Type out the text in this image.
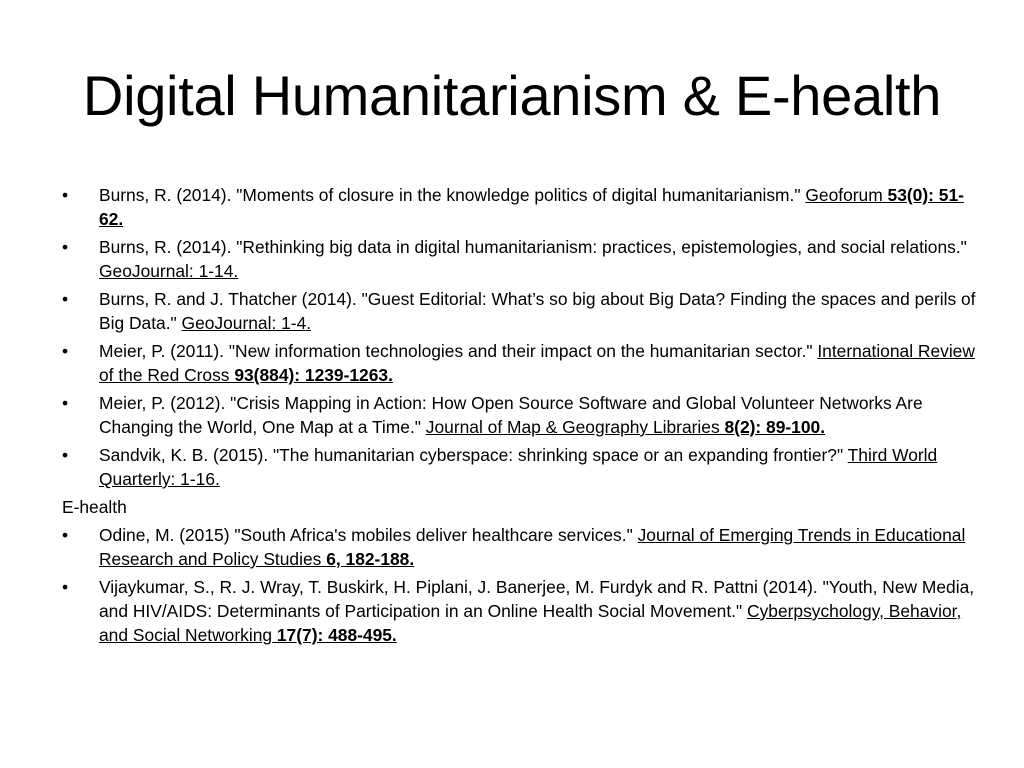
Digital Humanitarianism & E-health
• Burns, R. (2014). "Moments of closure in the knowledge politics of digital humanitarianism." Geoforum 53(0): 51-62.
• Burns, R. (2014). "Rethinking big data in digital humanitarianism: practices, epistemologies, and social relations." GeoJournal: 1-14.
• Burns, R. and J. Thatcher (2014). "Guest Editorial: What’s so big about Big Data? Finding the spaces and perils of Big Data." GeoJournal: 1-4.
• Meier, P. (2011). "New information technologies and their impact on the humanitarian sector." International Review of the Red Cross 93(884): 1239-1263.
• Meier, P. (2012). "Crisis Mapping in Action: How Open Source Software and Global Volunteer Networks Are Changing the World, One Map at a Time." Journal of Map & Geography Libraries 8(2): 89-100.
• Sandvik, K. B. (2015). "The humanitarian cyberspace: shrinking space or an expanding frontier?" Third World Quarterly: 1-16.
E-health
• Odine, M. (2015) "South Africa's mobiles deliver healthcare services." Journal of Emerging Trends in Educational Research and Policy Studies 6, 182-188.
• Vijaykumar, S., R. J. Wray, T. Buskirk, H. Piplani, J. Banerjee, M. Furdyk and R. Pattni (2014). "Youth, New Media, and HIV/AIDS: Determinants of Participation in an Online Health Social Movement." Cyberpsychology, Behavior, and Social Networking 17(7): 488-495.
